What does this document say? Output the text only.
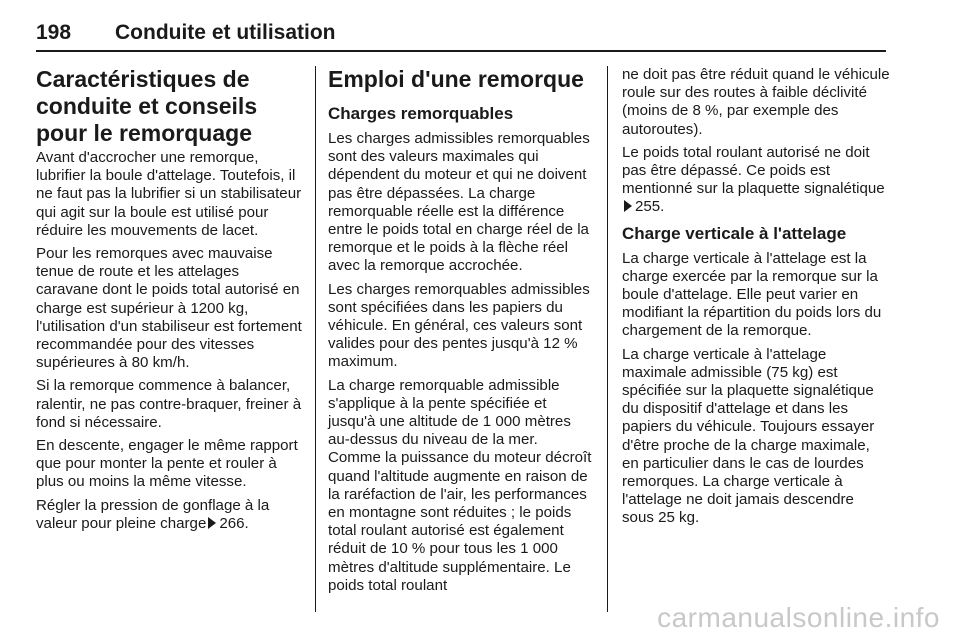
198 Conduite et utilisation
Caractéristiques de conduite et conseils pour le remorquage

Avant d'accrocher une remorque, lubrifier la boule d'attelage. Toutefois, il ne faut pas la lubrifier si un stabilisateur qui agit sur la boule est utilisé pour réduire les mouvements de lacet.

Pour les remorques avec mauvaise tenue de route et les attelages caravane dont le poids total autorisé en charge est supérieur à 1200 kg, l'utilisation d'un stabiliseur est fortement recommandée pour des vitesses supérieures à 80 km/h.

Si la remorque commence à balancer, ralentir, ne pas contre-braquer, freiner à fond si nécessaire.

En descente, engager le même rapport que pour monter la pente et rouler à plus ou moins la même vitesse.

Régler la pression de gonflage à la valeur pour pleine charge 266.

Emploi d'une remorque
Charges remorquables

Les charges admissibles remorquables sont des valeurs maximales qui dépendent du moteur et qui ne doivent pas être dépassées. La charge remorquable réelle est la différence entre le poids total en charge réel de la remorque et le poids à la flèche réel avec la remorque accrochée.

Les charges remorquables admissibles sont spécifiées dans les papiers du véhicule. En général, ces valeurs sont valides pour des pentes jusqu'à 12 % maximum.

La charge remorquable admissible s'applique à la pente spécifiée et jusqu'à une altitude de 1 000 mètres au-dessus du niveau de la mer. Comme la puissance du moteur décroît quand l'altitude augmente en raison de la raréfaction de l'air, les performances en montagne sont réduites ; le poids total roulant autorisé est également réduit de 10 % pour tous les 1 000 mètres d'altitude supplémentaire. Le poids total roulant

ne doit pas être réduit quand le véhicule roule sur des routes à faible déclivité (moins de 8 %, par exemple des autoroutes).

Le poids total roulant autorisé ne doit pas être dépassé. Ce poids est mentionné sur la plaquette signalétique255.

Charge verticale à l'attelage

La charge verticale à l'attelage est la charge exercée par la remorque sur la boule d'attelage. Elle peut varier en modifiant la répartition du poids lors du chargement de la remorque.

La charge verticale à l'attelage maximale admissible (75 kg) est spécifiée sur la plaquette signalétique du dispositif d'attelage et dans les papiers du véhicule. Toujours essayer d'être proche de la charge maximale, en particulier dans le cas de lourdes remorques. La charge verticale à l'attelage ne doit jamais descendre sous 25 kg.

carmanualsonline.info
